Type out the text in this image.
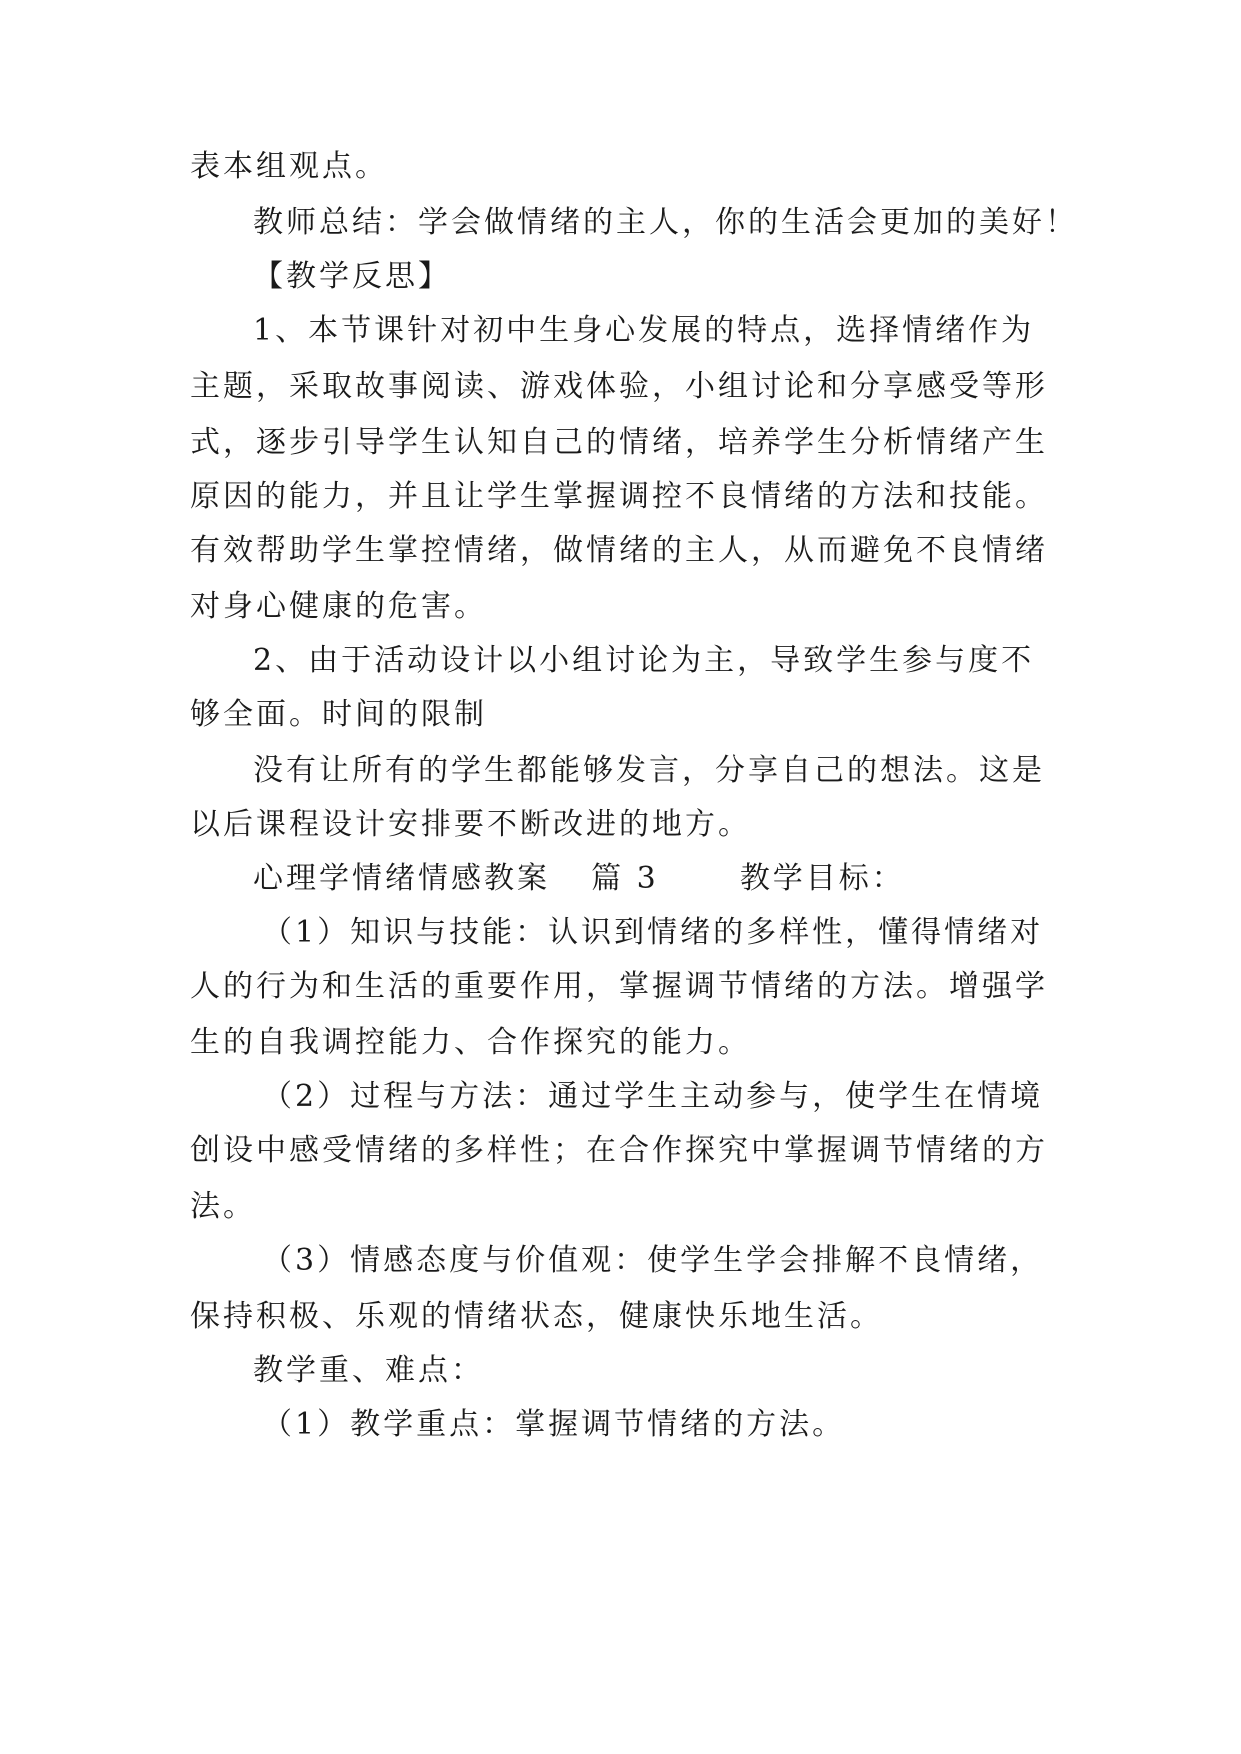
表本组观点。
教师总结：学会做情绪的主人，你的生活会更加的美好！
【教学反思】
1、本节课针对初中生身心发展的特点，选择情绪作为
主题，采取故事阅读、游戏体验，小组讨论和分享感受等形
式，逐步引导学生认知自己的情绪，培养学生分析情绪产生
原因的能力，并且让学生掌握调控不良情绪的方法和技能。
有效帮助学生掌控情绪，做情绪的主人，从而避免不良情绪
对身心健康的危害。
2、由于活动设计以小组讨论为主，导致学生参与度不
够全面。时间的限制
没有让所有的学生都能够发言，分享自己的想法。这是
以后课程设计安排要不断改进的地方。
心理学情绪情感教案 篇 3	教学目标：
（1）知识与技能：认识到情绪的多样性，懂得情绪对
人的行为和生活的重要作用，掌握调节情绪的方法。增强学
生的自我调控能力、合作探究的能力。
（2）过程与方法：通过学生主动参与，使学生在情境
创设中感受情绪的多样性；在合作探究中掌握调节情绪的方
法。
（3）情感态度与价值观：使学生学会排解不良情绪，
保持积极、乐观的情绪状态，健康快乐地生活。
教学重、难点：
（1）教学重点：掌握调节情绪的方法。
